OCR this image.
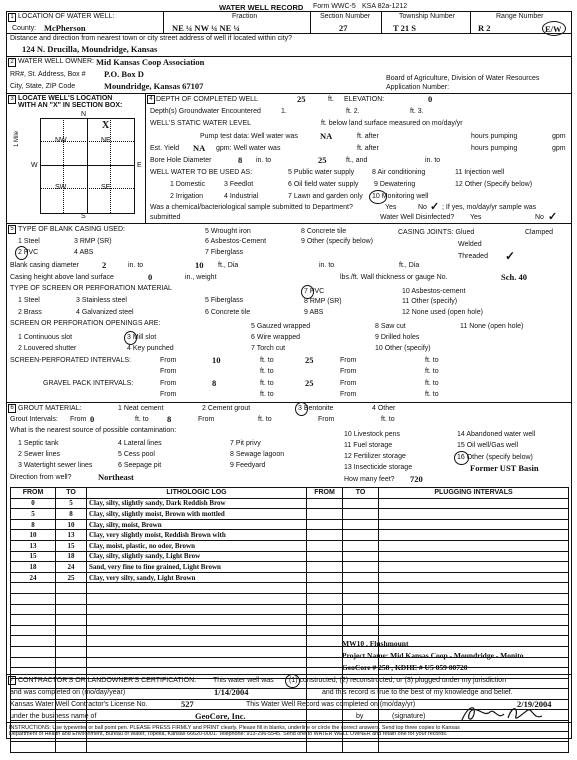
WATER WELL RECORD Form WWC-5 KSA 82a-1212
1 LOCATION OF WATER WELL:
County: McPherson
Fraction
NE ¼ NW ¼ NE ¼
Section Number
27
Township Number
T 21 S
Range Number
R 2	E/W
Distance and direction from nearest town or city street address of well if located within city?
124 N. Drucilla, Moundridge, Kansas
2 WATER WELL OWNER: Mid Kansas Coop Association
RR#, St. Address, Box # P.O. Box D
City, State, ZIP Code	Moundridge, Kansas 67107
Board of Agriculture, Division of Water Resources
Application Number:
3 LOCATE WELL'S LOCATION
WITH AN "X" IN SECTION BOX:
N
S
W	E
1 Mile	NW	NE
SW	SE
X
4 DEPTH OF COMPLETED WELL	25	ft. ELEVATION:	0
Depth(s) Groundwater Encountered	1.	ft. 2.	ft. 3.
WELL'S STATIC WATER LEVEL	ft. below land surface measured on mo/day/yr
Pump test data: Well water was	NA	ft. after	hours pumping	gpm
Est. Yield NA gpm: Well water was	ft. after	hours pumping	gpm
Bore Hole Diameter	8 in. to	25	ft., and	in. to
WELL WATER TO BE USED AS:	5 Public water supply	8 Air conditioning	11 Injection well
1 Domestic	3 Feedlot	6 Oil field water supply 9 Dewatering	12 Other (Specify below)
2 Irrigation	4 Industrial	7 Lawn and garden only 10 Monitoring well
Was a chemical/bacteriological sample submitted to Department?	Yes	No ✓ ; If yes, mo/day/yr sample was
submitted	Water Well Disinfected? Yes	No ✓
5 TYPE OF BLANK CASING USED:
1 Steel	3 RMP (SR)
5 Wrought iron	8 Concrete tile
2 PVC	4 ABS
6 Asbestos-Cement	9 Other (specify below)
7 Fiberglass
CASING JOINTS: Glued	Clamped
Welded
Threaded ✓
Blank casing diameter	2	in. to	10 ft., Dia	in. to	ft., Dia
Casing height above land surface	0	in., weight	lbs./ft. Wall thickness or gauge No.	Sch. 40
TYPE OF SCREEN OR PERFORATION MATERIAL
1 Steel	3 Stainless steel	5 Fiberglass
7 PVC	10 Asbestos-cement
2 Brass	4 Galvanized steel	6 Concrete tile
8 RMP (SR)	11 Other (specify)
9 ABS	12 None used (open hole)
SCREEN OR PERFORATION OPENINGS ARE:	5 Gauzed wrapped	8 Saw cut	11 None (open hole)
1 Continuous slot	3 Mill slot	6 Wire wrapped	9 Drilled holes
2 Louvered shutter	4 Key punched	7 Torch cut	10 Other (specify)
SCREEN-PERFORATED INTERVALS:	From	10	ft. to	25	From	ft. to
From	ft. to	From	ft. to
GRAVEL PACK INTERVALS:	From	8	ft. to	25	From	ft. to
From	ft. to	From	ft. to
6 GROUT MATERIAL:	1 Neat cement	2 Cement grout	3 Bentonite	4 Other
Grout Intervals: From 0	ft. to 8	From	ft. to	From	ft. to
What is the nearest source of possible contamination:
10 Livestock pens	14 Abandoned water well
1 Septic tank	4 Lateral lines	7 Pit privy	11 Fuel storage	15 Oil well/Gas well
2 Sewer lines	5 Cess pool	8 Sewage lagoon	12 Fertilizer storage	16 Other (specify below)
3 Watertight sewer lines	6 Seepage pit	9 Feedyard	13 Insecticide storage	Former UST Basin
Direction from well?	Northeast	How many feet? 720
FROM	TO	LITHOLOGIC LOG	FROM	TO	PLUGGING INTERVALS
0	5	Clay, silty, slightly sandy, Dark Reddish Brow			
5	8	Clay, silty, slightly moist, Brown with mottled			
8	10	Clay, silty, moist, Brown			
10	13	Clay, very slightly moist, Reddish Brown with			
13	15	Clay, moist, plastic, no odor, Brown			
15	18	Clay, silty, slightly sandy, Light Brow			
18	24	Sand, very fine to fine grained, Light Brown			
24	25	Clay, very silty, sandy, Light Brown			

MW10 , Flushmount
Project Name: Mid Kansas Coop - Moundridge - Monito
GeoCore # 258 , KDHE # U5 059 00720
7 CONTRACTOR'S OR LANDOWNER'S CERTIFICATION: This water well was (1) constructed, (2) reconstructed, or (3) plugged under my jurisdiction
and was completed on (mo/day/year)	1/14/2004	and this record is true to the best of my knowledge and belief.
Kansas Water Well Contractor's License No.	527	This Water Well Record was completed on (mo/day/yr)	2/19/2004
under the business name of	GeoCore, Inc.	by	(signature)
INSTRUCTIONS: Use typewriter or ball point pen. PLEASE PRESS FIRMLY and PRINT clearly. Please fill in blanks, underline or circle the correct answers. Send top three copies to Kansas
Department of Health and Environment, Bureau of Water, Topeka, Kansas 66620-0001. Telephone: 913-296-5545. Send one to WATER WELL OWNER and retain one for your records.
